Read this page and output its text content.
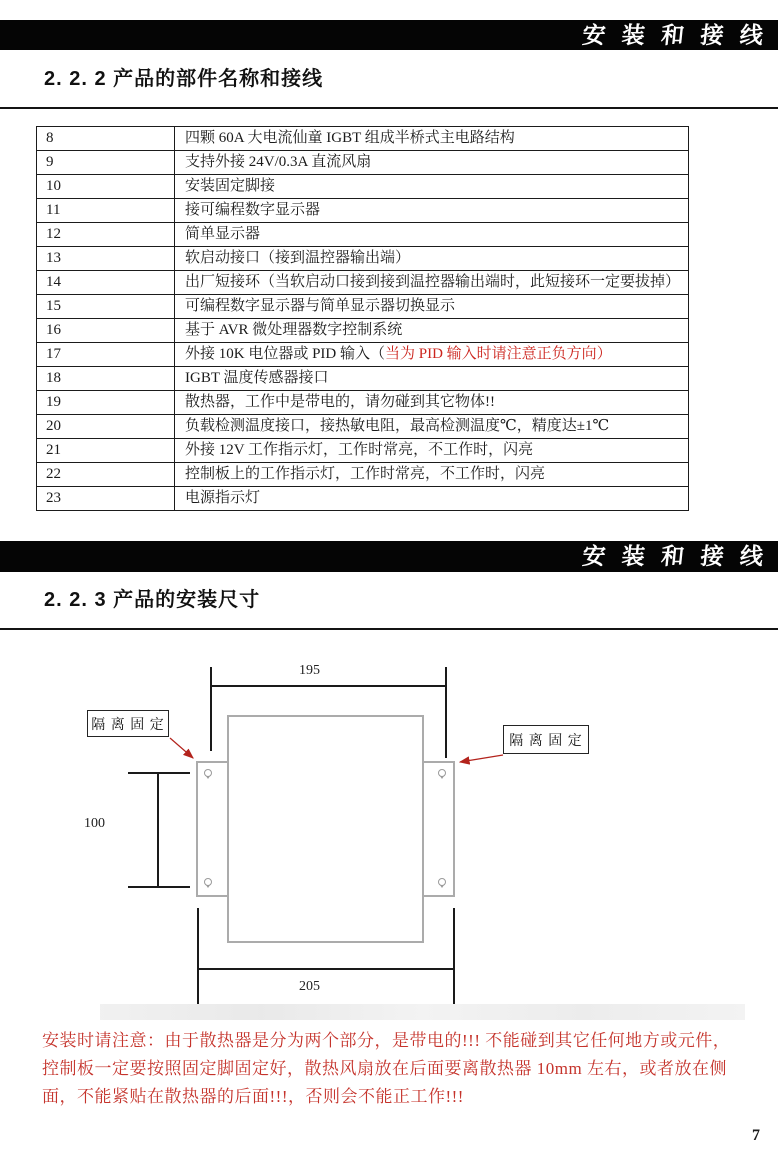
安 装 和 接 线
2. 2. 2 产品的部件名称和接线
8	四颗 60A 大电流仙童 IGBT 组成半桥式主电路结构
9	支持外接 24V/0.3A 直流风扇
10	安装固定脚接
11	接可编程数字显示器
12	简单显示器
13	软启动接口（接到温控器输出端）
14	出厂短接环（当软启动口接到接到温控器输出端时，此短接环一定要拔掉）
15	可编程数字显示器与简单显示器切换显示
16	基于 AVR 微处理器数字控制系统
17	外接 10K 电位器或 PID 输入（当为 PID 输入时请注意正负方向）
18	IGBT 温度传感器接口
19	散热器，工作中是带电的，请勿碰到其它物体!!
20	负载检测温度接口，接热敏电阻，最高检测温度℃，精度达±1℃
21	外接 12V 工作指示灯，工作时常亮，不工作时，闪亮
22	控制板上的工作指示灯，工作时常亮，不工作时，闪亮
23	电源指示灯
安 装 和 接 线
2. 2. 3 产品的安装尺寸
195
100
205
隔 离 固 定
隔 离 固 定
安装时请注意：由于散热器是分为两个部分，是带电的!!! 不能碰到其它任何地方或元件，
控制板一定要按照固定脚固定好，散热风扇放在后面要离散热器 10mm 左右，或者放在侧
面，不能紧贴在散热器的后面!!!，否则会不能正工作!!!
7
